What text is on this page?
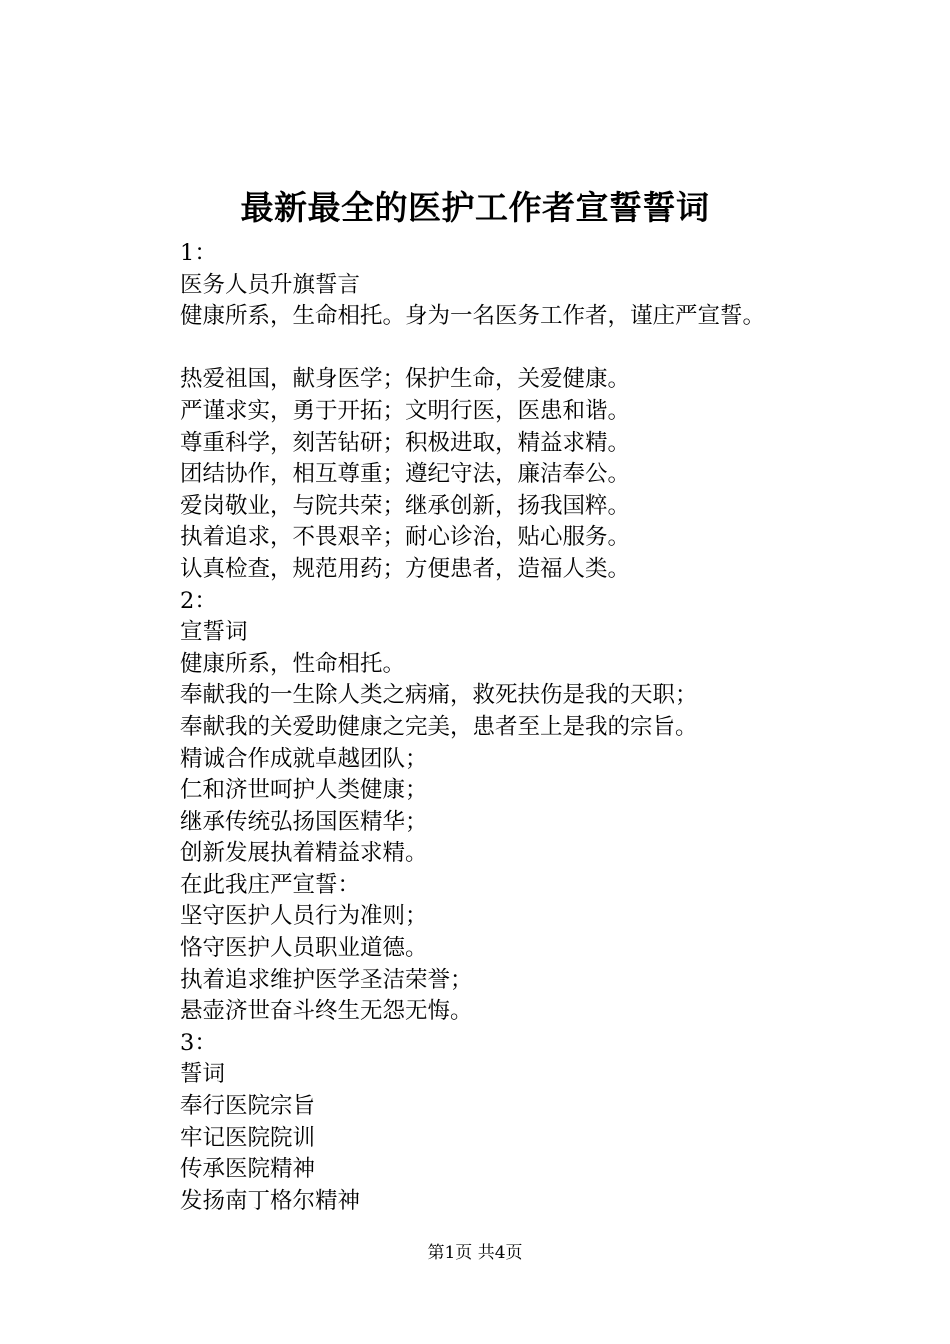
最新最全的医护工作者宣誓誓词
1：
医务人员升旗誓言
健康所系，生命相托。身为一名医务工作者，谨庄严宣誓。
热爱祖国，献身医学；保护生命，关爱健康。
严谨求实，勇于开拓；文明行医，医患和谐。
尊重科学，刻苦钻研；积极进取，精益求精。
团结协作，相互尊重；遵纪守法，廉洁奉公。
爱岗敬业，与院共荣；继承创新，扬我国粹。
执着追求，不畏艰辛；耐心诊治，贴心服务。
认真检查，规范用药；方便患者，造福人类。
2：
宣誓词
健康所系，性命相托。
奉献我的一生除人类之病痛，救死扶伤是我的天职；
奉献我的关爱助健康之完美，患者至上是我的宗旨。
精诚合作成就卓越团队；
仁和济世呵护人类健康；
继承传统弘扬国医精华；
创新发展执着精益求精。
在此我庄严宣誓：
坚守医护人员行为准则；
恪守医护人员职业道德。
执着追求维护医学圣洁荣誉；
悬壶济世奋斗终生无怨无悔。
3：
誓词
奉行医院宗旨
牢记医院院训
传承医院精神
发扬南丁格尔精神
第1页 共4页
